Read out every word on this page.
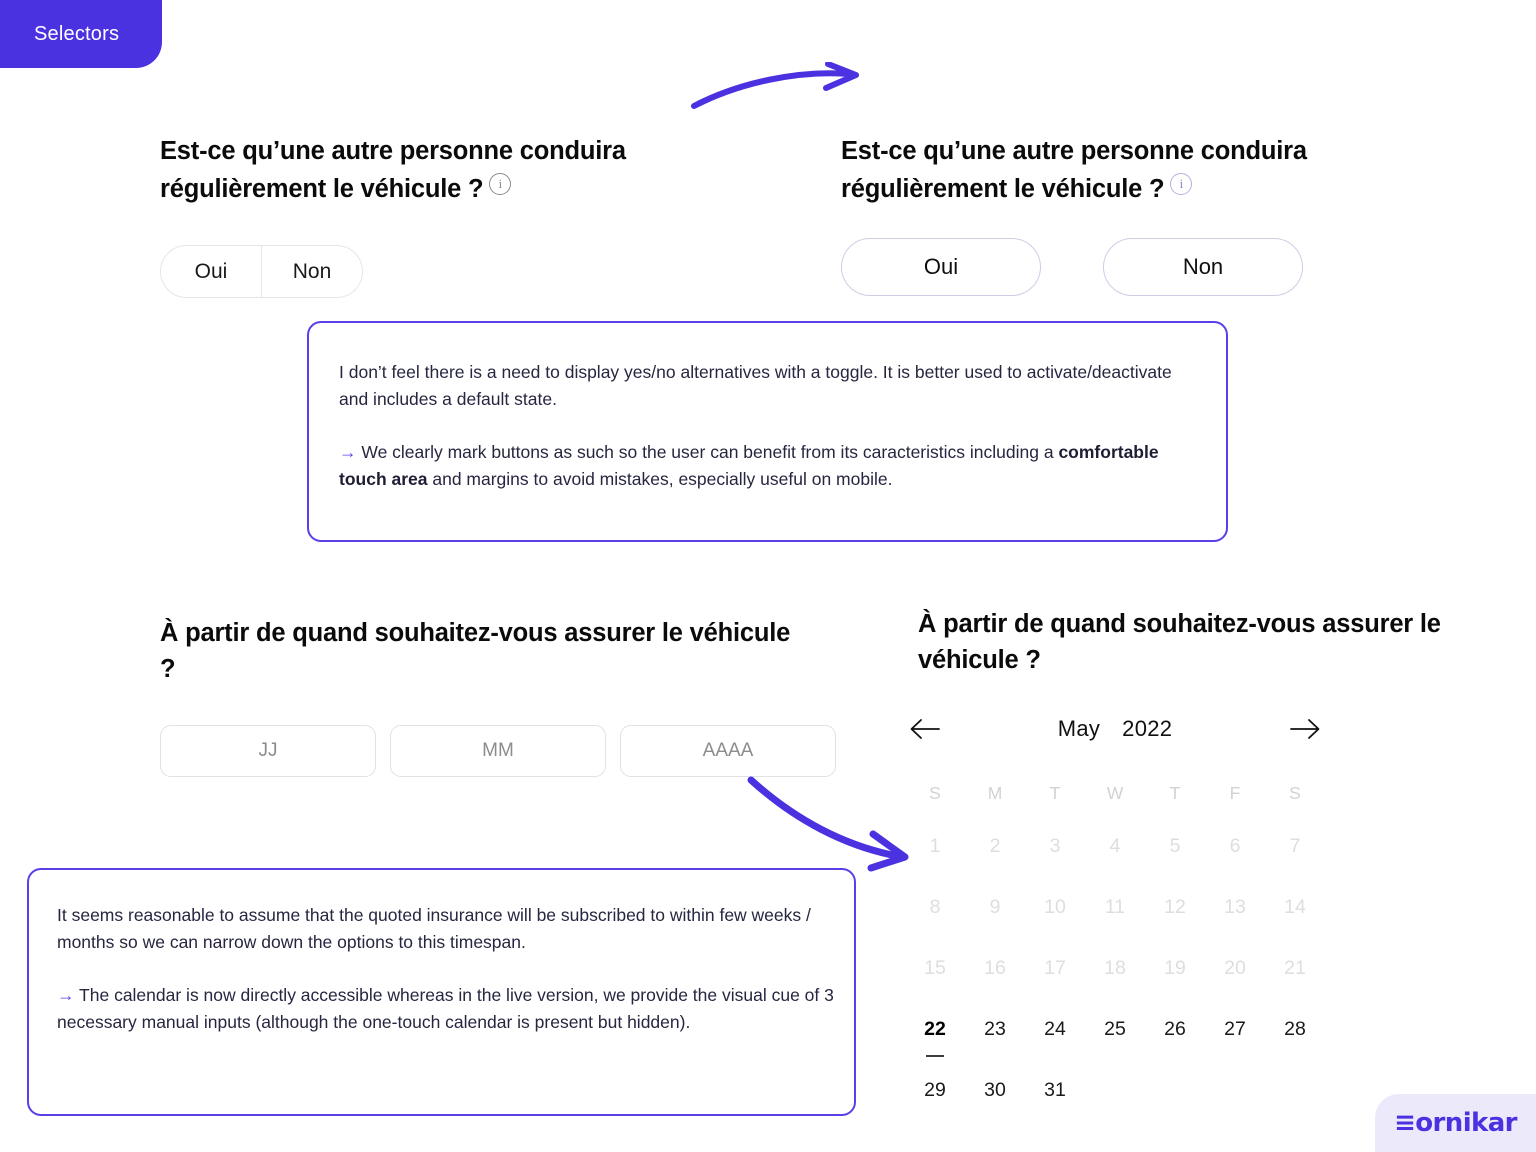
Selectors
Est-ce qu’une autre personne conduira régulièrement le véhicule ?i
Oui	Non
Est-ce qu’une autre personne conduira régulièrement le véhicule ?i
Oui	Non

I don’t feel there is a need to display yes/no alternatives with a toggle. It is better used to activate/deactivate and includes a default state.

→ We clearly mark buttons as such so the user can benefit from its caracteristics including a comfortable touch area and margins to avoid mistakes, especially useful on mobile.

À partir de quand souhaitez-vous assurer le véhicule ?
JJ	MM	AAAA
À partir de quand souhaitez-vous assurer le véhicule ?
May 2022
S	M	T	W	T	F	S
1	2	3	4	5	6	7
8	9	10	11	12	13	14
15	16	17	18	19	20	21
22	23	24	25	26	27	28
29	30	31

It seems reasonable to assume that the quoted insurance will be subscribed to within few weeks / months so we can narrow down the options to this timespan.

→ The calendar is now directly accessible whereas in the live version, we provide the visual cue of 3 necessary manual inputs (although the one-touch calendar is present but hidden).

≡ornikar
